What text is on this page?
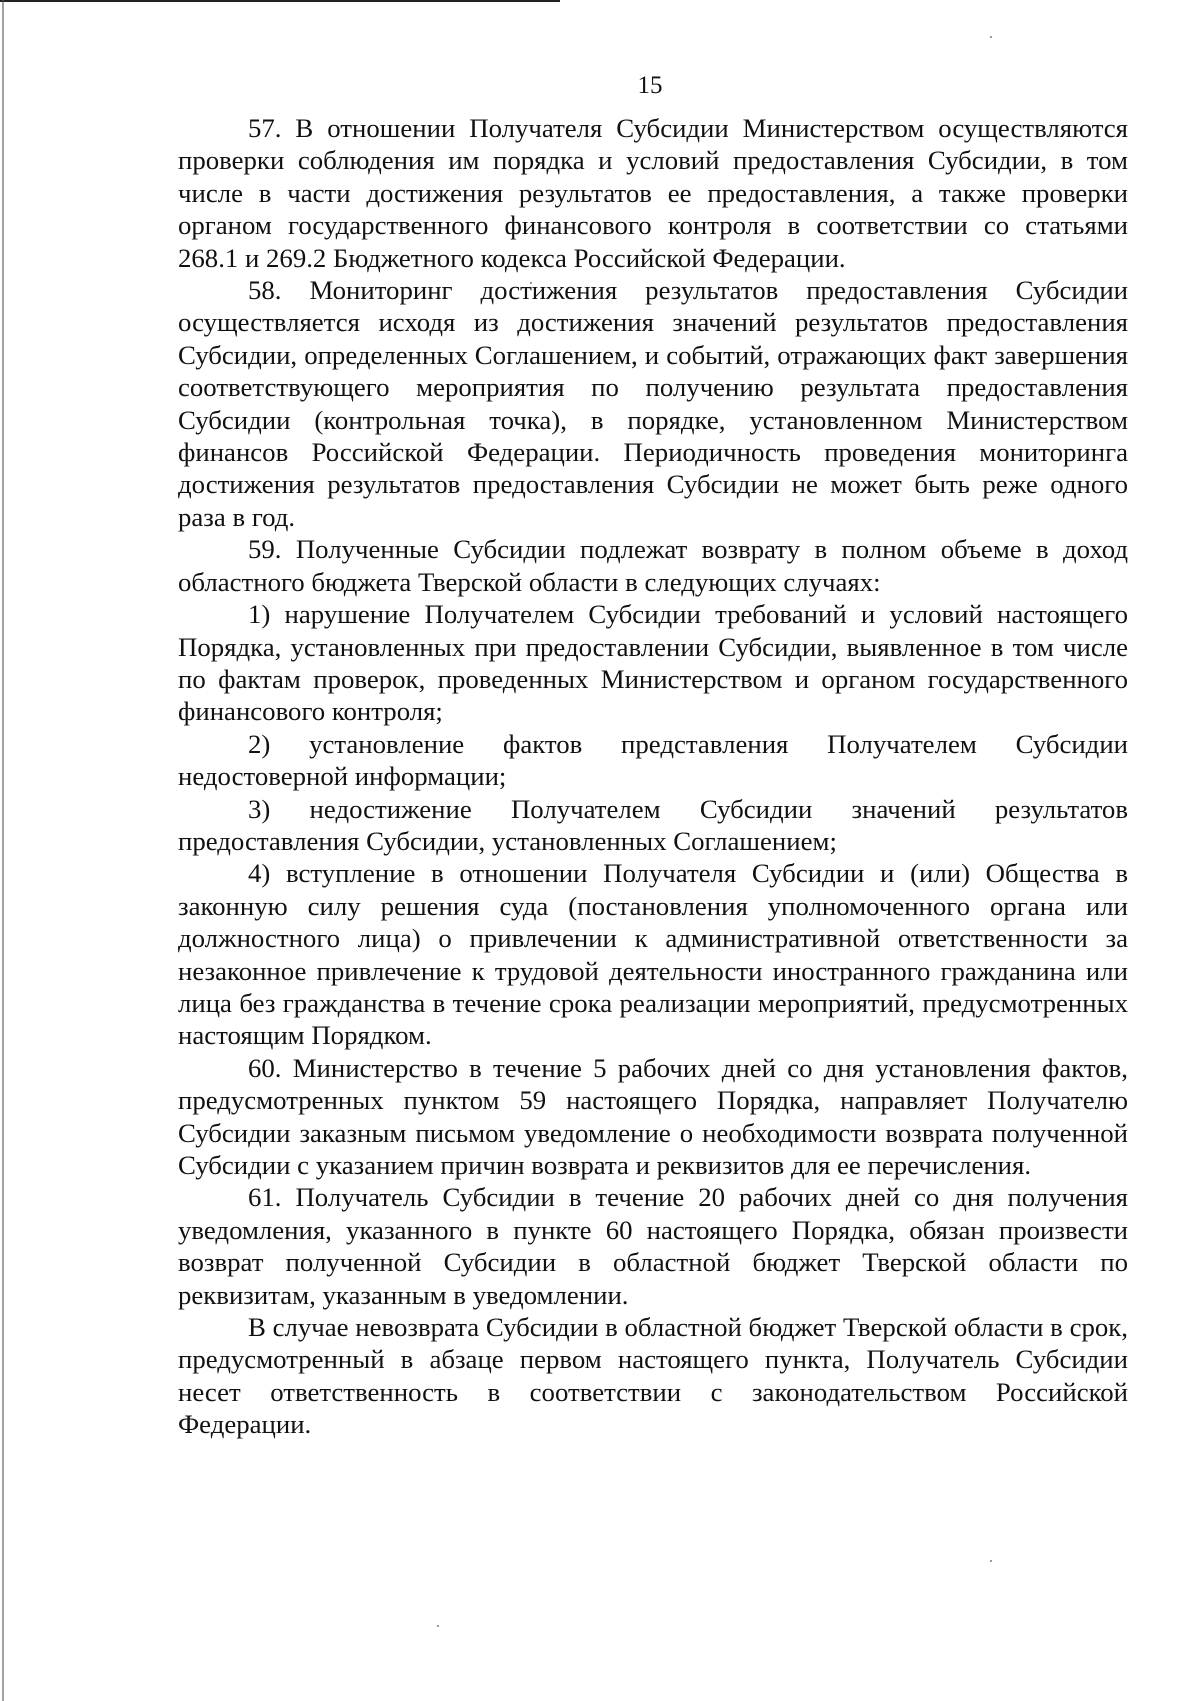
15

57. В отношении Получателя Субсидии Министерством осуществляются проверки соблюдения им порядка и условий предоставления Субсидии, в том числе в части достижения результатов ее предоставления, а также проверки органом государственного финансового контроля в соответствии со статьями 268.1 и 269.2 Бюджетного кодекса Российской Федерации.

58. Мониторинг достижения результатов предоставления Субсидии осуществляется исходя из достижения значений результатов предоставления Субсидии, определенных Соглашением, и событий, отражающих факт завершения соответствующего мероприятия по получению результата предоставления Субсидии (контрольная точка), в порядке, установленном Министерством финансов Российской Федерации. Периодичность проведения мониторинга достижения результатов предоставления Субсидии не может быть реже одного раза в год.

59. Полученные Субсидии подлежат возврату в полном объеме в доход областного бюджета Тверской области в следующих случаях:

1) нарушение Получателем Субсидии требований и условий настоящего Порядка, установленных при предоставлении Субсидии, выявленное в том числе по фактам проверок, проведенных Министерством и органом государственного финансового контроля;

2) установление фактов представления Получателем Субсидии недостоверной информации;

3) недостижение Получателем Субсидии значений результатов предоставления Субсидии, установленных Соглашением;

4) вступление в отношении Получателя Субсидии и (или) Общества в законную силу решения суда (постановления уполномоченного органа или должностного лица) о привлечении к административной ответственности за незаконное привлечение к трудовой деятельности иностранного гражданина или лица без гражданства в течение срока реализации мероприятий, предусмотренных настоящим Порядком.

60. Министерство в течение 5 рабочих дней со дня установления фактов, предусмотренных пунктом 59 настоящего Порядка, направляет Получателю Субсидии заказным письмом уведомление о необходимости возврата полученной Субсидии с указанием причин возврата и реквизитов для ее перечисления.

61. Получатель Субсидии в течение 20 рабочих дней со дня получения уведомления, указанного в пункте 60 настоящего Порядка, обязан произвести возврат полученной Субсидии в областной бюджет Тверской области по реквизитам, указанным в уведомлении.

В случае невозврата Субсидии в областной бюджет Тверской области в срок, предусмотренный в абзаце первом настоящего пункта, Получатель Субсидии несет ответственность в соответствии с законодательством Российской Федерации.
